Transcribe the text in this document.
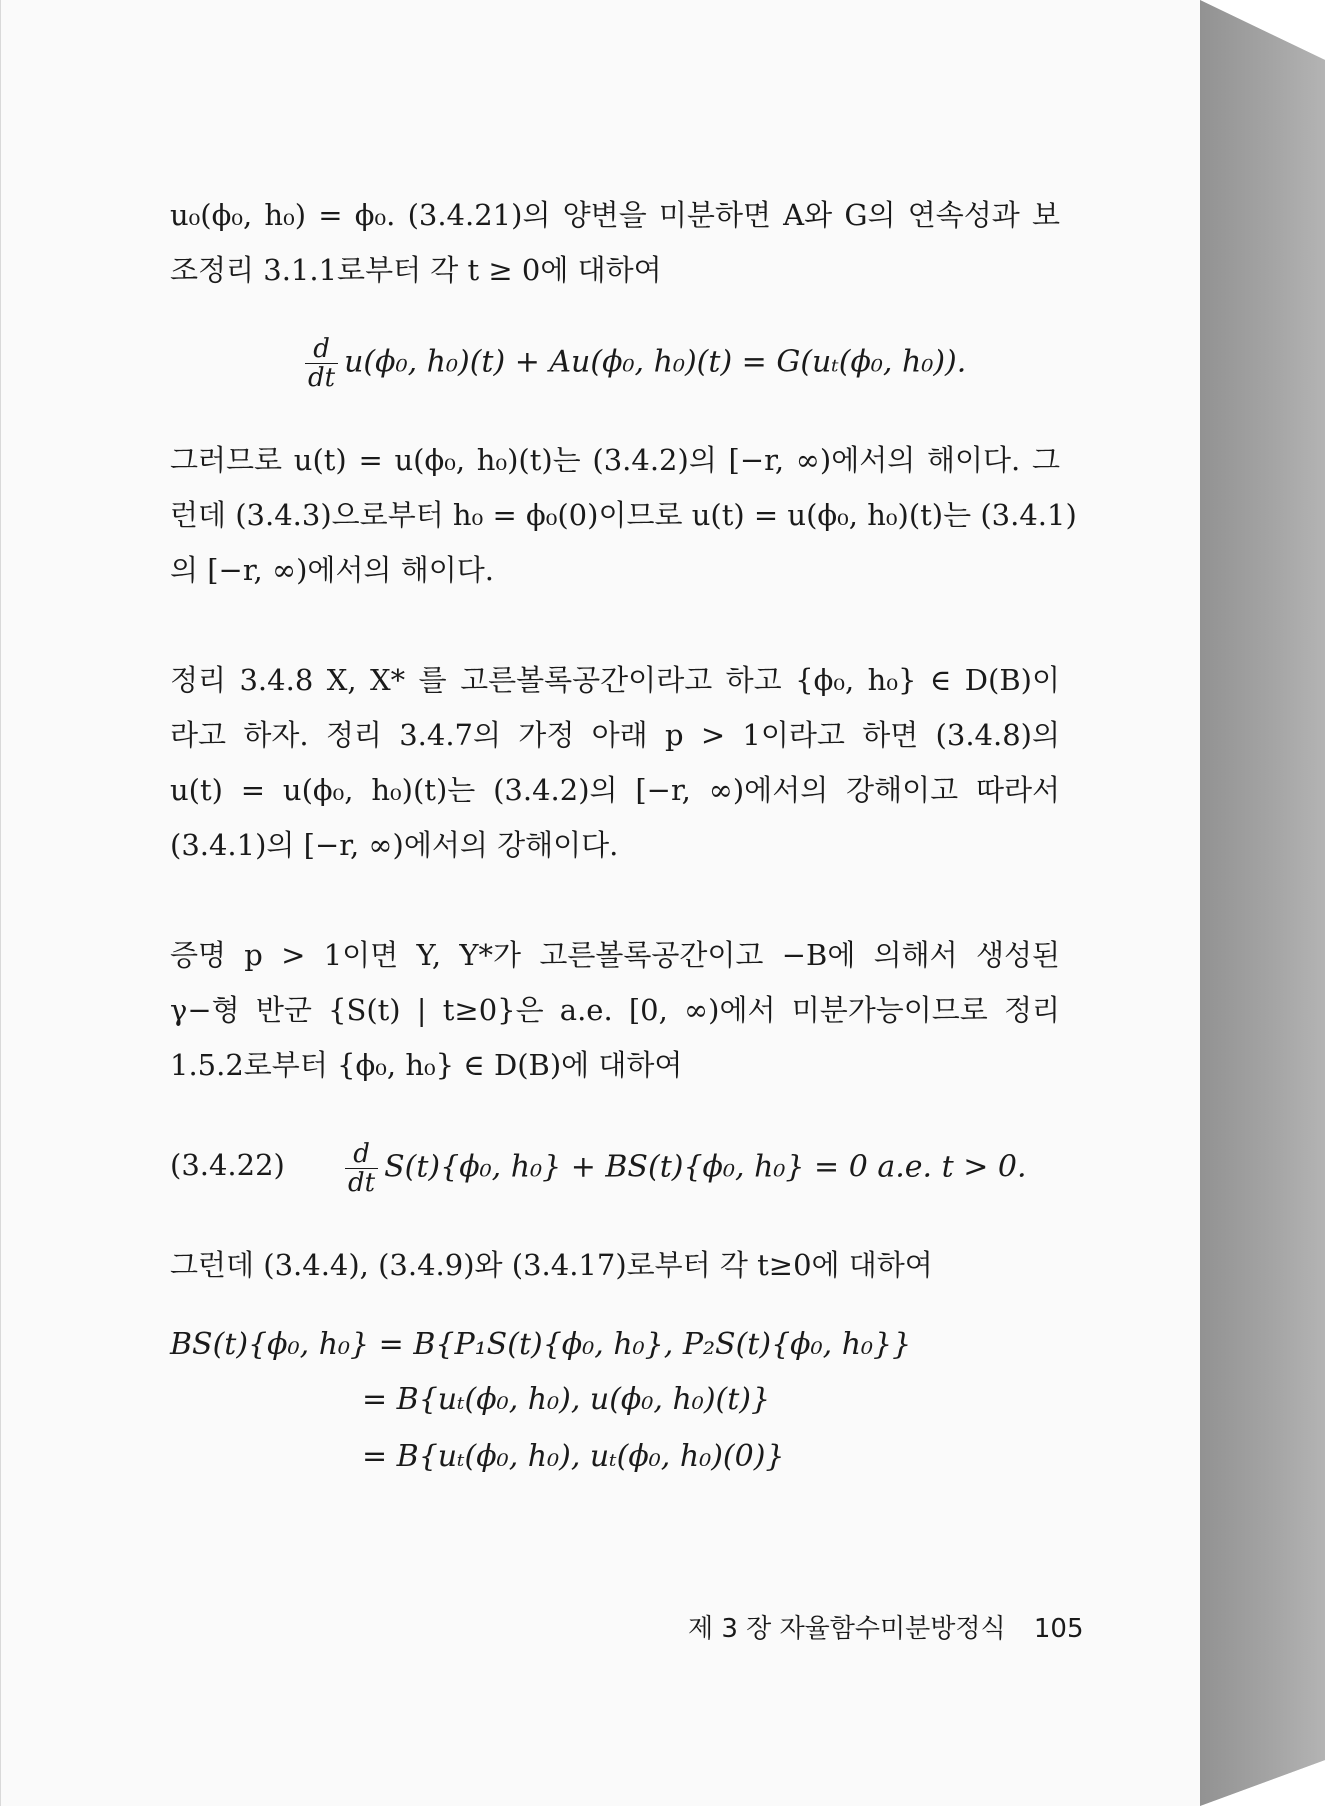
u₀(ϕ₀, h₀) = ϕ₀. (3.4.21)의 양변을 미분하면 A와 G의 연속성과 보
조정리 3.1.1로부터 각 t ≥ 0에 대하여
$\frac{d}{dt} u(\phi_0$, h₀)(t) + Au(ϕ₀, h₀)(t) = G(uₜ(ϕ₀, h₀)).
그러므로 u(t) = u(ϕ₀, h₀)(t)는 (3.4.2)의 [−r, ∞)에서의 해이다. 그
런데 (3.4.3)으로부터 h₀ = ϕ₀(0)이므로 u(t) = u(ϕ₀, h₀)(t)는 (3.4.1)
의 [−r, ∞)에서의 해이다.
정리 3.4.8 X, X* 를 고른볼록공간이라고 하고 {ϕ₀, h₀} ∈ D(B)이
라고 하자. 정리 3.4.7의 가정 아래 p > 1이라고 하면 (3.4.8)의
u(t) = u(ϕ₀, h₀)(t)는 (3.4.2)의 [−r, ∞)에서의 강해이고 따라서
(3.4.1)의 [−r, ∞)에서의 강해이다.
증명 p > 1이면 Y, Y*가 고른볼록공간이고 −B에 의해서 생성된
γ−형 반군 {S(t) | t≥0}은 a.e. [0, ∞)에서 미분가능이므로 정리
1.5.2로부터 {ϕ₀, h₀} ∈ D(B)에 대하여
$(3.4.22) \frac{d}{dt} S(t)\{\phi_0$, h₀} + BS(t){ϕ₀, h₀} = 0 a.e. t > 0.
그런데 (3.4.4), (3.4.9)와 (3.4.17)로부터 각 t≥0에 대하여
BS(t){ϕ₀, h₀} = B{P₁S(t){ϕ₀, h₀}, P₂S(t){ϕ₀, h₀}}
= B{uₜ(ϕ₀, h₀), u(ϕ₀, h₀)(t)}
= B{uₜ(ϕ₀, h₀), uₜ(ϕ₀, h₀)(0)}
제 3 장 자율함수미분방정식 105
